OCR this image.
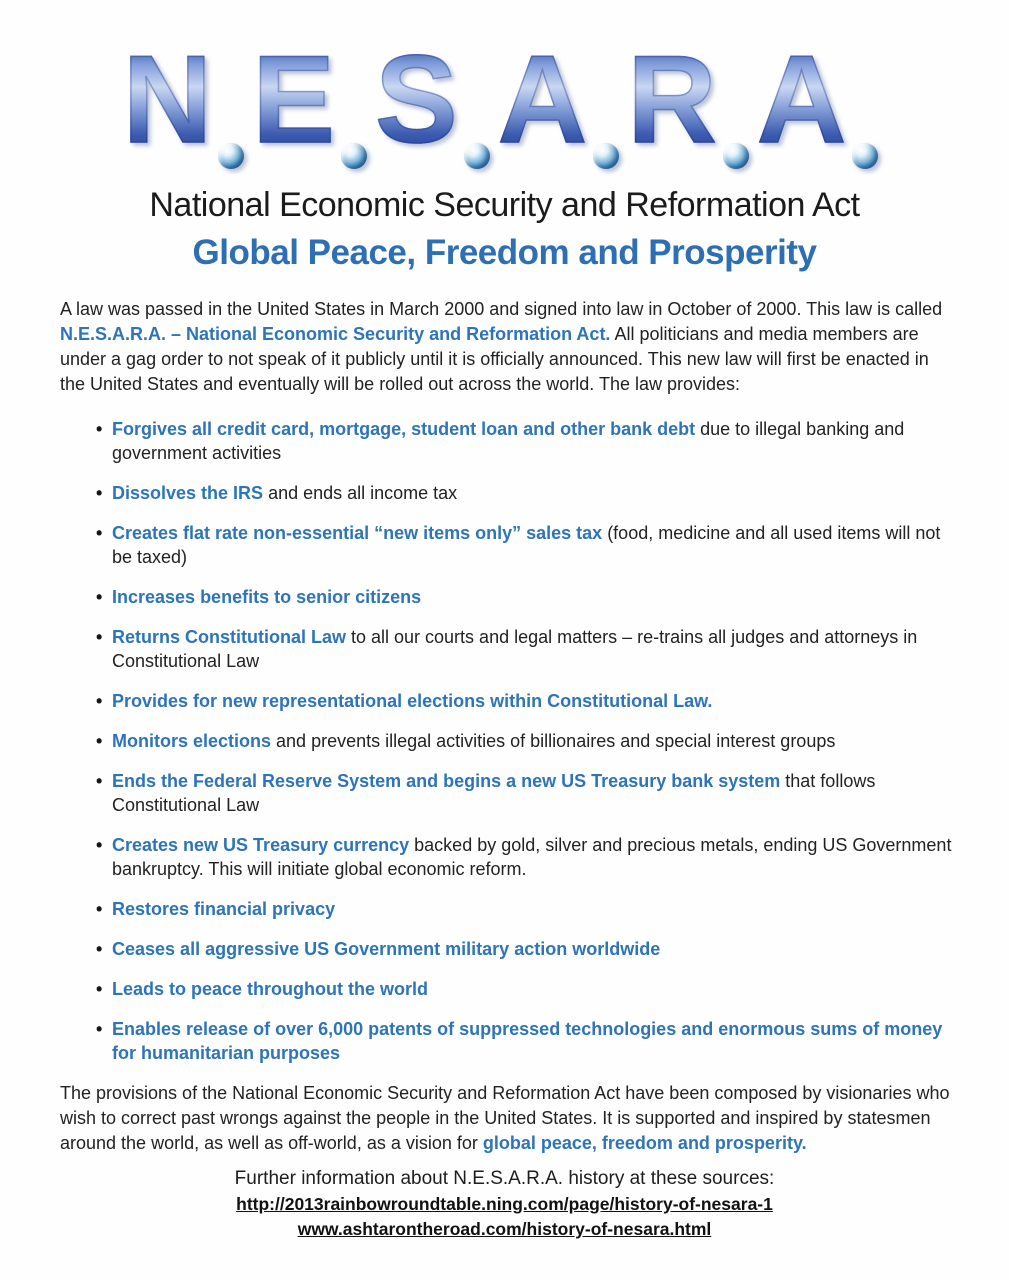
N E S A R A
National Economic Security and Reformation Act
Global Peace, Freedom and Prosperity

A law was passed in the United States in March 2000 and signed into law in October of 2000. This law is called N.E.S.A.R.A. – National Economic Security and Reformation Act. All politicians and media members are under a gag order to not speak of it publicly until it is officially announced. This new law will first be enacted in the United States and eventually will be rolled out across the world. The law provides:

• Forgives all credit card, mortgage, student loan and other bank debt due to illegal banking and government activities
• Dissolves the IRS and ends all income tax
• Creates flat rate non-essential “new items only” sales tax (food, medicine and all used items will not be taxed)
• Increases benefits to senior citizens
• Returns Constitutional Law to all our courts and legal matters – re-trains all judges and attorneys in Constitutional Law
• Provides for new representational elections within Constitutional Law.
• Monitors elections and prevents illegal activities of billionaires and special interest groups
• Ends the Federal Reserve System and begins a new US Treasury bank system that follows Constitutional Law
• Creates new US Treasury currency backed by gold, silver and precious metals, ending US Government bankruptcy. This will initiate global economic reform.
• Restores financial privacy
• Ceases all aggressive US Government military action worldwide
• Leads to peace throughout the world
• Enables release of over 6,000 patents of suppressed technologies and enormous sums of money for humanitarian purposes

The provisions of the National Economic Security and Reformation Act have been composed by visionaries who wish to correct past wrongs against the people in the United States. It is supported and inspired by statesmen around the world, as well as off-world, as a vision for global peace, freedom and prosperity.

Further information about N.E.S.A.R.A. history at these sources:

http://2013rainbowroundtable.ning.com/page/history-of-nesara-1
www.ashtarontheroad.com/history-of-nesara.html
